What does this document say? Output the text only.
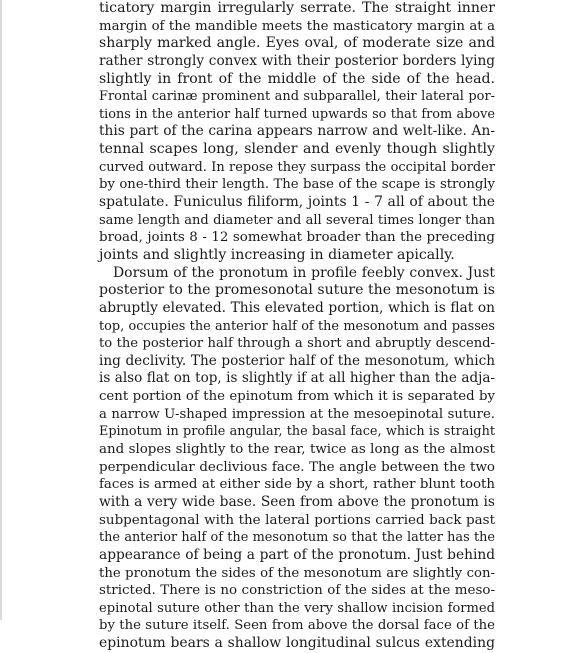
ticatory margin irregularly serrate. The straight inner
margin of the mandible meets the masticatory margin at a
sharply marked angle. Eyes oval, of moderate size and
rather strongly convex with their posterior borders lying
slightly in front of the middle of the side of the head.
Frontal carinæ prominent and subparallel, their lateral por-
tions in the anterior half turned upwards so that from above
this part of the carina appears narrow and welt-like. An-
tennal scapes long, slender and evenly though slightly
curved outward. In repose they surpass the occipital border
by one-third their length. The base of the scape is strongly
spatulate. Funiculus filiform, joints 1 - 7 all of about the
same length and diameter and all several times longer than
broad, joints 8 - 12 somewhat broader than the preceding
joints and slightly increasing in diameter apically.
Dorsum of the pronotum in profile feebly convex. Just
posterior to the promesonotal suture the mesonotum is
abruptly elevated. This elevated portion, which is flat on
top, occupies the anterior half of the mesonotum and passes
to the posterior half through a short and abruptly descend-
ing declivity. The posterior half of the mesonotum, which
is also flat on top, is slightly if at all higher than the adja-
cent portion of the epinotum from which it is separated by
a narrow U-shaped impression at the mesoepinotal suture.
Epinotum in profile angular, the basal face, which is straight
and slopes slightly to the rear, twice as long as the almost
perpendicular declivious face. The angle between the two
faces is armed at either side by a short, rather blunt tooth
with a very wide base. Seen from above the pronotum is
subpentagonal with the lateral portions carried back past
the anterior half of the mesonotum so that the latter has the
appearance of being a part of the pronotum. Just behind
the pronotum the sides of the mesonotum are slightly con-
stricted. There is no constriction of the sides at the meso-
epinotal suture other than the very shallow incision formed
by the suture itself. Seen from above the dorsal face of the
epinotum bears a shallow longitudinal sulcus extending
